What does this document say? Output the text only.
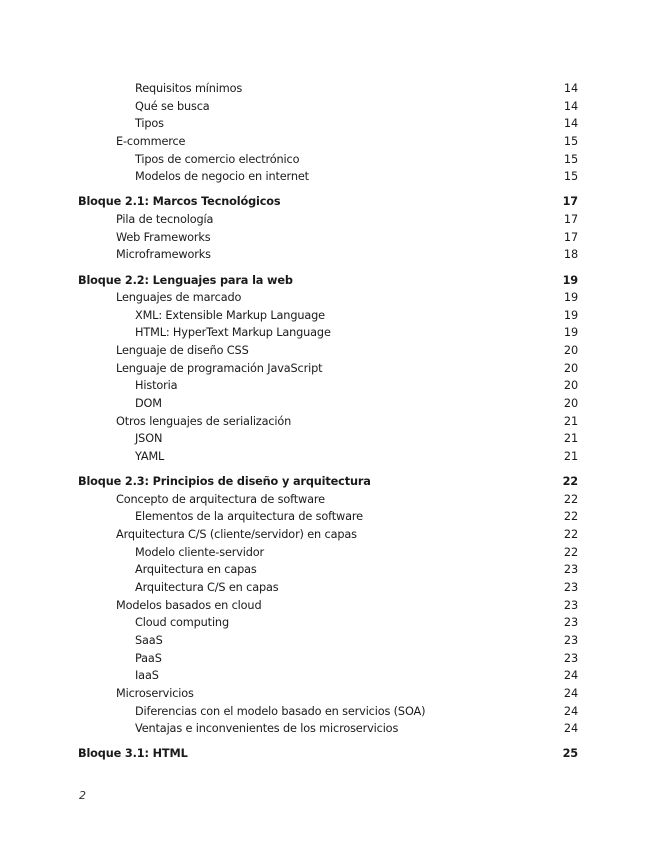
Requisitos mínimos	14
Qué se busca	14
Tipos	14
E-commerce	15
Tipos de comercio electrónico	15
Modelos de negocio en internet	15
Bloque 2.1: Marcos Tecnológicos	17
Pila de tecnología	17
Web Frameworks	17
Microframeworks	18
Bloque 2.2: Lenguajes para la web	19
Lenguajes de marcado	19
XML: Extensible Markup Language	19
HTML: HyperText Markup Language	19
Lenguaje de diseño CSS	20
Lenguaje de programación JavaScript	20
Historia	20
DOM	20
Otros lenguajes de serialización	21
JSON	21
YAML	21
Bloque 2.3: Principios de diseño y arquitectura	22
Concepto de arquitectura de software	22
Elementos de la arquitectura de software	22
Arquitectura C/S (cliente/servidor) en capas	22
Modelo cliente-servidor	22
Arquitectura en capas	23
Arquitectura C/S en capas	23
Modelos basados en cloud	23
Cloud computing	23
SaaS	23
PaaS	23
IaaS	24
Microservicios	24
Diferencias con el modelo basado en servicios (SOA)	24
Ventajas e inconvenientes de los microservicios	24
Bloque 3.1: HTML	25
2
